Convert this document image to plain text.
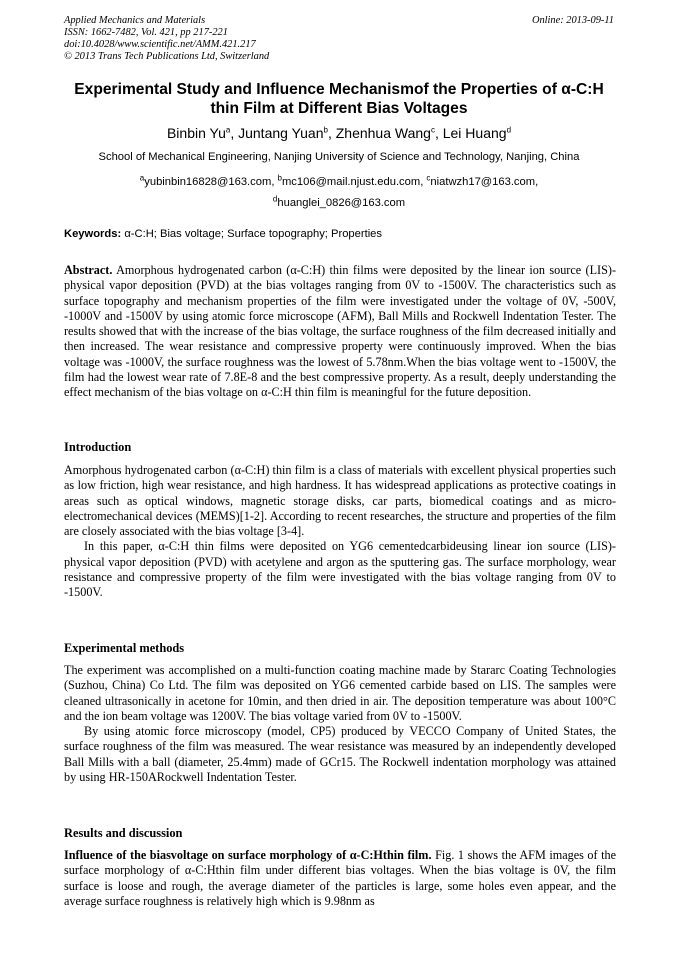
Applied Mechanics and Materials
ISSN: 1662-7482, Vol. 421, pp 217-221
doi:10.4028/www.scientific.net/AMM.421.217
© 2013 Trans Tech Publications Ltd, Switzerland
Online: 2013-09-11
Experimental Study and Influence Mechanismof the Properties of α-C:H
thin Film at Different Bias Voltages
Binbin Yu$^a$, Juntang Yuan$^b$, Zhenhua Wang$^c$, Lei Huang$^d$
School of Mechanical Engineering, Nanjing University of Science and Technology, Nanjing, China
$^a$yubinbin16828@163.com, $^b$mc106@mail.njust.edu.com, $^c$niatwzh17@163.com,
$^d$huanglei_0826@163.com
Keywords: α-C:H; Bias voltage; Surface topography; Properties
Abstract. Amorphous hydrogenated carbon (α-C:H) thin films were deposited by the linear ion source (LIS)-physical vapor deposition (PVD) at the bias voltages ranging from 0V to -1500V. The characteristics such as surface topography and mechanism properties of the film were investigated under the voltage of 0V, -500V, -1000V and -1500V by using atomic force microscope (AFM), Ball Mills and Rockwell Indentation Tester. The results showed that with the increase of the bias voltage, the surface roughness of the film decreased initially and then increased. The wear resistance and compressive property were continuously improved. When the bias voltage was -1000V, the surface roughness was the lowest of 5.78nm.When the bias voltage went to -1500V, the film had the lowest wear rate of 7.8E-8 and the best compressive property. As a result, deeply understanding the effect mechanism of the bias voltage on α-C:H thin film is meaningful for the future deposition.
Introduction
Amorphous hydrogenated carbon (α-C:H) thin film is a class of materials with excellent physical properties such as low friction, high wear resistance, and high hardness. It has widespread applications as protective coatings in areas such as optical windows, magnetic storage disks, car parts, biomedical coatings and as micro-electromechanical devices (MEMS)[1-2]. According to recent researches, the structure and properties of the film are closely associated with the bias voltage [3-4].
In this paper, α-C:H thin films were deposited on YG6 cementedcarbideusing linear ion source (LIS)-physical vapor deposition (PVD) with acetylene and argon as the sputtering gas. The surface morphology, wear resistance and compressive property of the film were investigated with the bias voltage ranging from 0V to -1500V.
Experimental methods
The experiment was accomplished on a multi-function coating machine made by Stararc Coating Technologies (Suzhou, China) Co Ltd. The film was deposited on YG6 cemented carbide based on LIS. The samples were cleaned ultrasonically in acetone for 10min, and then dried in air. The deposition temperature was about 100°C and the ion beam voltage was 1200V. The bias voltage varied from 0V to -1500V.
By using atomic force microscopy (model, CP5) produced by VECCO Company of United States, the surface roughness of the film was measured. The wear resistance was measured by an independently developed Ball Mills with a ball (diameter, 25.4mm) made of GCr15. The Rockwell indentation morphology was attained by using HR-150ARockwell Indentation Tester.
Results and discussion
Influence of the biasvoltage on surface morphology of α-C:Hthin film. Fig. 1 shows the AFM images of the surface morphology of α-C:Hthin film under different bias voltages. When the bias voltage is 0V, the film surface is loose and rough, the average diameter of the particles is large, some holes even appear, and the average surface roughness is relatively high which is 9.98nm as
